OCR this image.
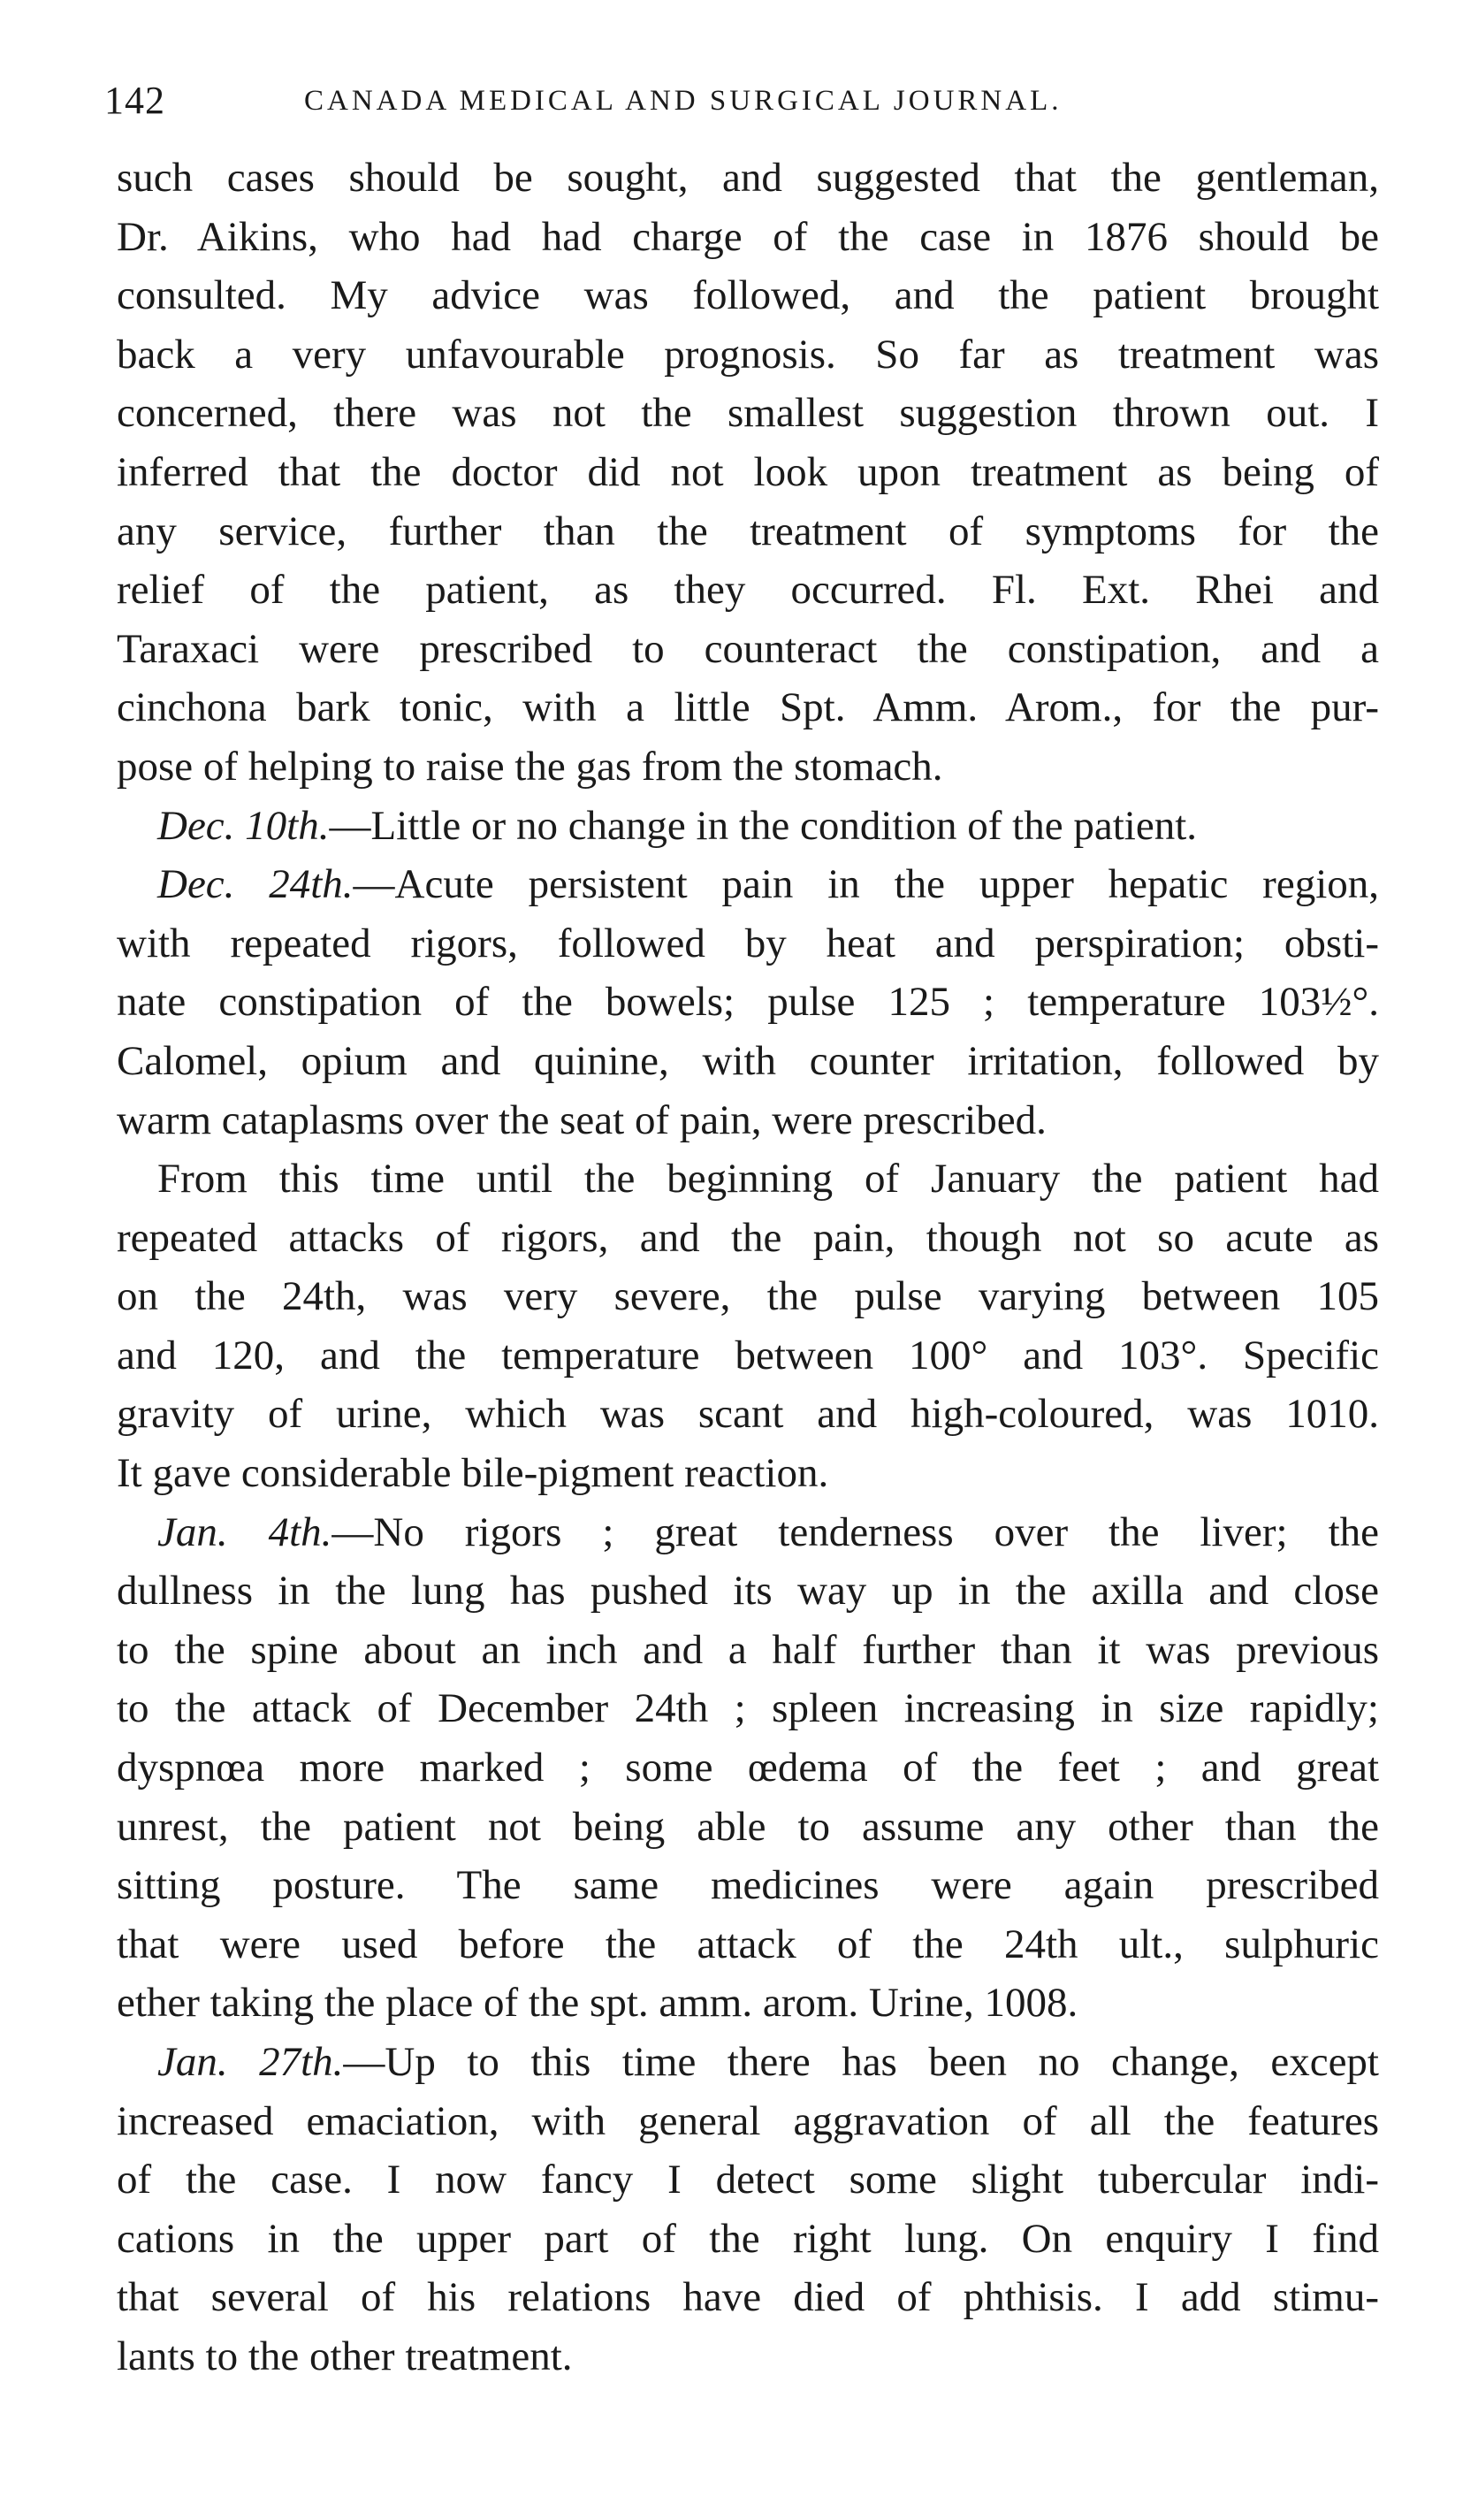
142	CANADA MEDICAL AND SURGICAL JOURNAL.
such cases should be sought, and suggested that the gentleman,
Dr. Aikins, who had had charge of the case in 1876 should be
consulted. My advice was followed, and the patient brought
back a very unfavourable prognosis. So far as treatment was
concerned, there was not the smallest suggestion thrown out. I
inferred that the doctor did not look upon treatment as being of
any service, further than the treatment of symptoms for the
relief of the patient, as they occurred. Fl. Ext. Rhei and
Taraxaci were prescribed to counteract the constipation, and a
cinchona bark tonic, with a little Spt. Amm. Arom., for the pur-
pose of helping to raise the gas from the stomach.
Dec. 10th.—Little or no change in the condition of the patient.
Dec. 24th.—Acute persistent pain in the upper hepatic region,
with repeated rigors, followed by heat and perspiration; obsti-
nate constipation of the bowels; pulse 125 ; temperature 103½°.
Calomel, opium and quinine, with counter irritation, followed by
warm cataplasms over the seat of pain, were prescribed.
From this time until the beginning of January the patient had
repeated attacks of rigors, and the pain, though not so acute as
on the 24th, was very severe, the pulse varying between 105
and 120, and the temperature between 100° and 103°. Specific
gravity of urine, which was scant and high-coloured, was 1010.
It gave considerable bile-pigment reaction.
Jan. 4th.—No rigors ; great tenderness over the liver; the
dullness in the lung has pushed its way up in the axilla and close
to the spine about an inch and a half further than it was previous
to the attack of December 24th ; spleen increasing in size rapidly;
dyspnœa more marked ; some œdema of the feet ; and great
unrest, the patient not being able to assume any other than the
sitting posture. The same medicines were again prescribed
that were used before the attack of the 24th ult., sulphuric
ether taking the place of the spt. amm. arom. Urine, 1008.
Jan. 27th.—Up to this time there has been no change, except
increased emaciation, with general aggravation of all the features
of the case. I now fancy I detect some slight tubercular indi-
cations in the upper part of the right lung. On enquiry I find
that several of his relations have died of phthisis. I add stimu-
lants to the other treatment.
